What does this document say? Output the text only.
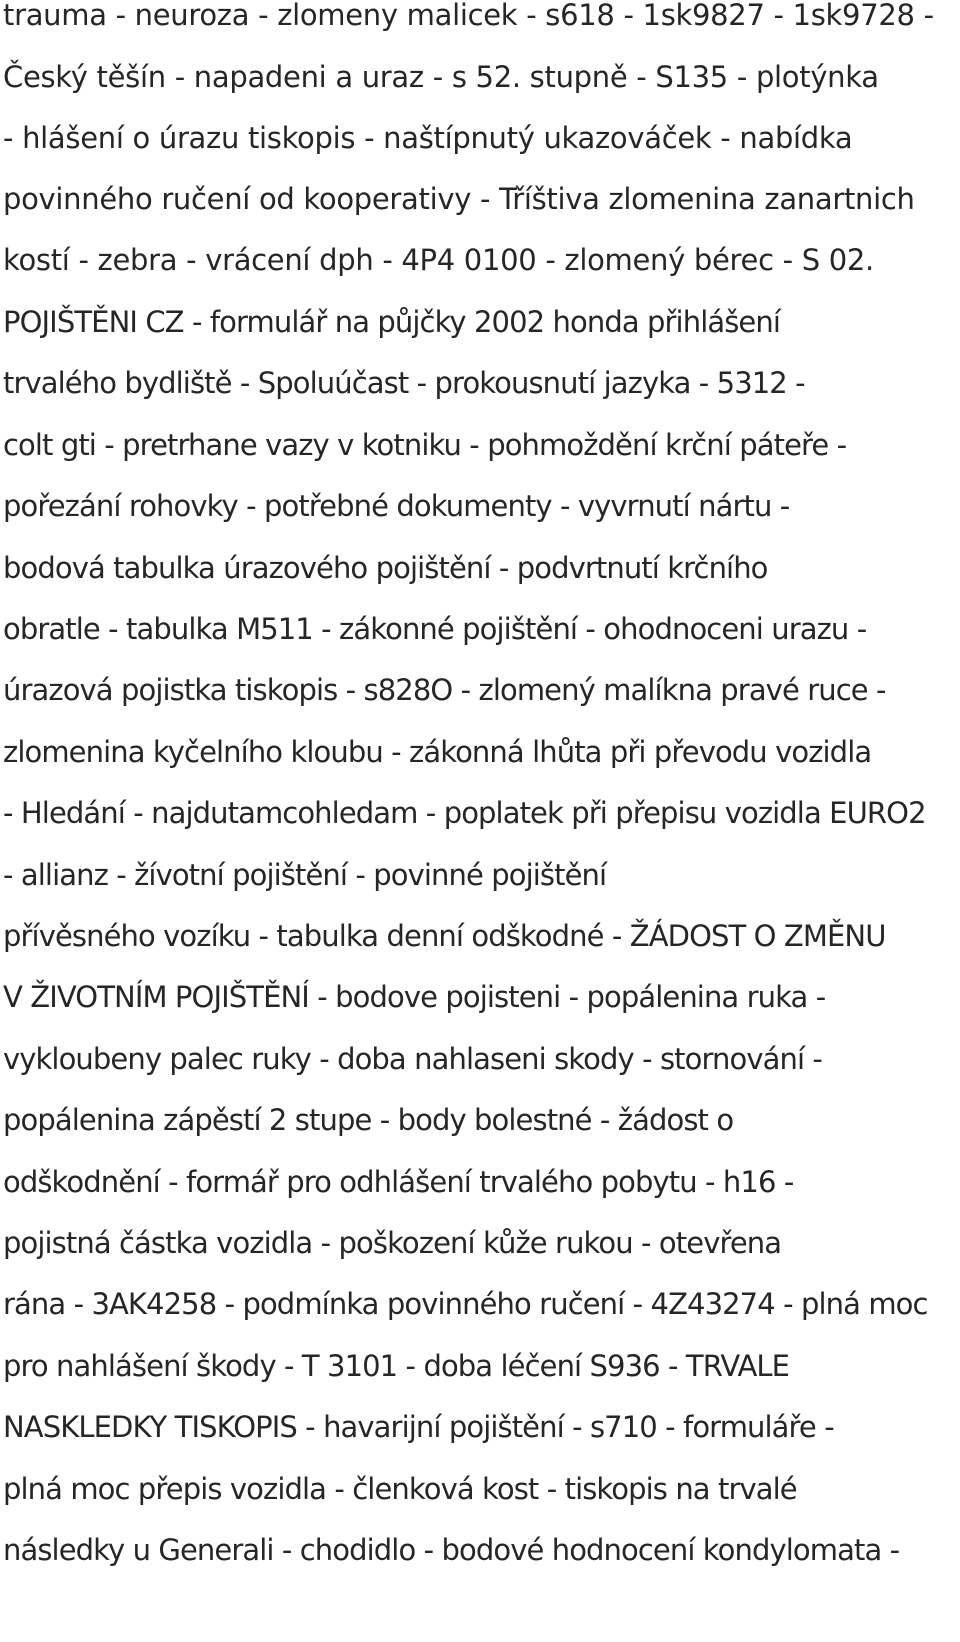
trauma - neuroza - zlomeny malicek - s618 - 1sk9827 - 1sk9728 -
Český těšín - napadeni a uraz - s 52. stupně - S135 - plotýnka
- hlášení o úrazu tiskopis - naštípnutý ukazováček - nabídka
povinného ručení od kooperativy - Tříštiva zlomenina zanartnich
kostí - zebra - vrácení dph - 4P4 0100 - zlomený bérec - S 02.
POJIŠTĚNI CZ - formulář na půjčky 2002 honda přihlášení
trvalého bydliště - Spoluúčast - prokousnutí jazyka - 5312 -
colt gti - pretrhane vazy v kotniku - pohmoždění krční páteře -
pořezání rohovky - potřebné dokumenty - vyvrnutí nártu -
bodová tabulka úrazového pojištění - podvrtnutí krčního
obratle - tabulka M511 - zákonné pojištění - ohodnoceni urazu -
úrazová pojistka tiskopis - s828O - zlomený malíkna pravé ruce -
zlomenina kyčelního kloubu - zákonná lhůta při převodu vozidla
- Hledání - najdutamcohledam - poplatek při přepisu vozidla EURO2
- allianz - žívotní pojištění - povinné pojištění
přívěsného vozíku - tabulka denní odškodné - ŽÁDOST O ZMĚNU
V ŽIVOTNÍM POJIŠTĚNÍ - bodove pojisteni - popálenina ruka -
vykloubeny palec ruky - doba nahlaseni skody - stornování -
popálenina zápěstí 2 stupe - body bolestné - žádost o
odškodnění - formář pro odhlášení trvalého pobytu - h16 -
pojistná částka vozidla - poškození kůže rukou - otevřena
rána - 3AK4258 - podmínka povinného ručení - 4Z43274 - plná moc
pro nahlášení škody - T 3101 - doba léčení S936 - TRVALE
NASKLEDKY TISKOPIS - havarijní pojištění - s710 - formuláře -
plná moc přepis vozidla - členková kost - tiskopis na trvalé
následky u Generali - chodidlo - bodové hodnocení kondylomata -
